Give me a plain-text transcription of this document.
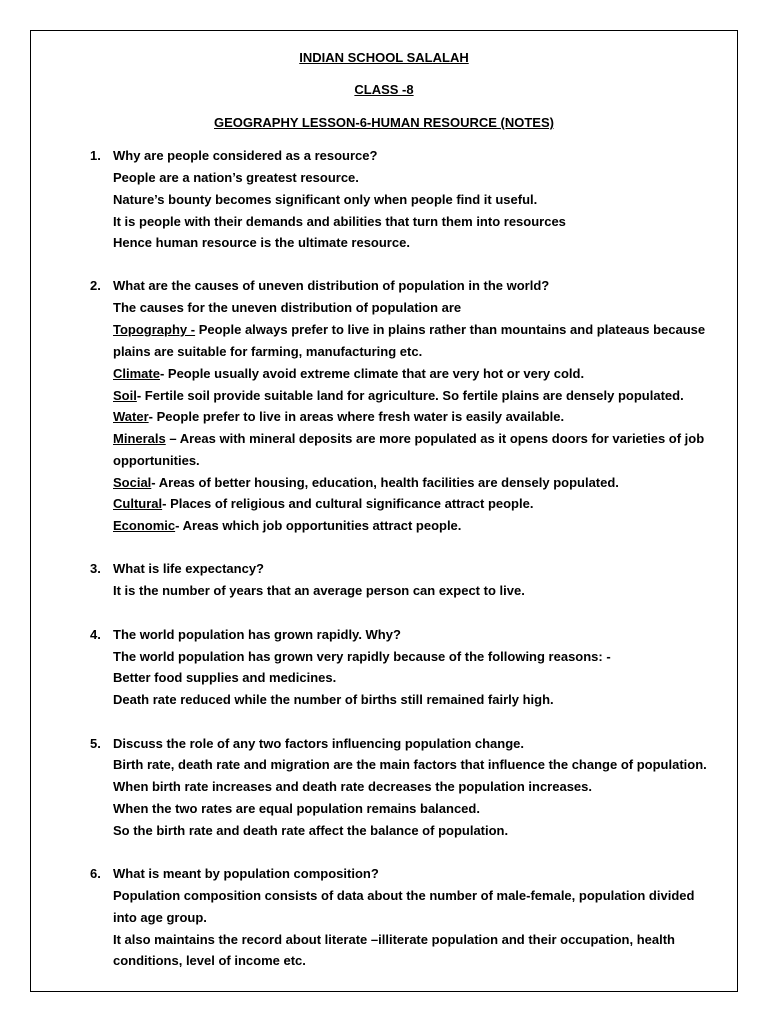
INDIAN SCHOOL SALALAH
CLASS -8
GEOGRAPHY LESSON-6-HUMAN RESOURCE (NOTES)
1. Why are people considered as a resource?
People are a nation’s greatest resource.
Nature’s bounty becomes significant only when people find it useful.
It is people with their demands and abilities that turn them into resources
Hence human resource is the ultimate resource.
2. What are the causes of uneven distribution of population in the world?
The causes for the uneven distribution of population are
Topography - People always prefer to live in plains rather than mountains and plateaus because
plains are suitable for farming, manufacturing etc.
Climate- People usually avoid extreme climate that are very hot or very cold.
Soil- Fertile soil provide suitable land for agriculture. So fertile plains are densely populated.
Water- People prefer to live in areas where fresh water is easily available.
Minerals – Areas with mineral deposits are more populated as it opens doors for varieties of job
opportunities.
Social- Areas of better housing, education, health facilities are densely populated.
Cultural- Places of religious and cultural significance attract people.
Economic- Areas which job opportunities attract people.
3. What is life expectancy?
It is the number of years that an average person can expect to live.
4. The world population has grown rapidly. Why?
The world population has grown very rapidly because of the following reasons: -
Better food supplies and medicines.
Death rate reduced while the number of births still remained fairly high.
5. Discuss the role of any two factors influencing population change.
Birth rate, death rate and migration are the main factors that influence the change of population.
When birth rate increases and death rate decreases the population increases.
When the two rates are equal population remains balanced.
So the birth rate and death rate affect the balance of population.
6. What is meant by population composition?
Population composition consists of data about the number of male-female, population divided
into age group.
It also maintains the record about literate –illiterate population and their occupation, health
conditions, level of income etc.
